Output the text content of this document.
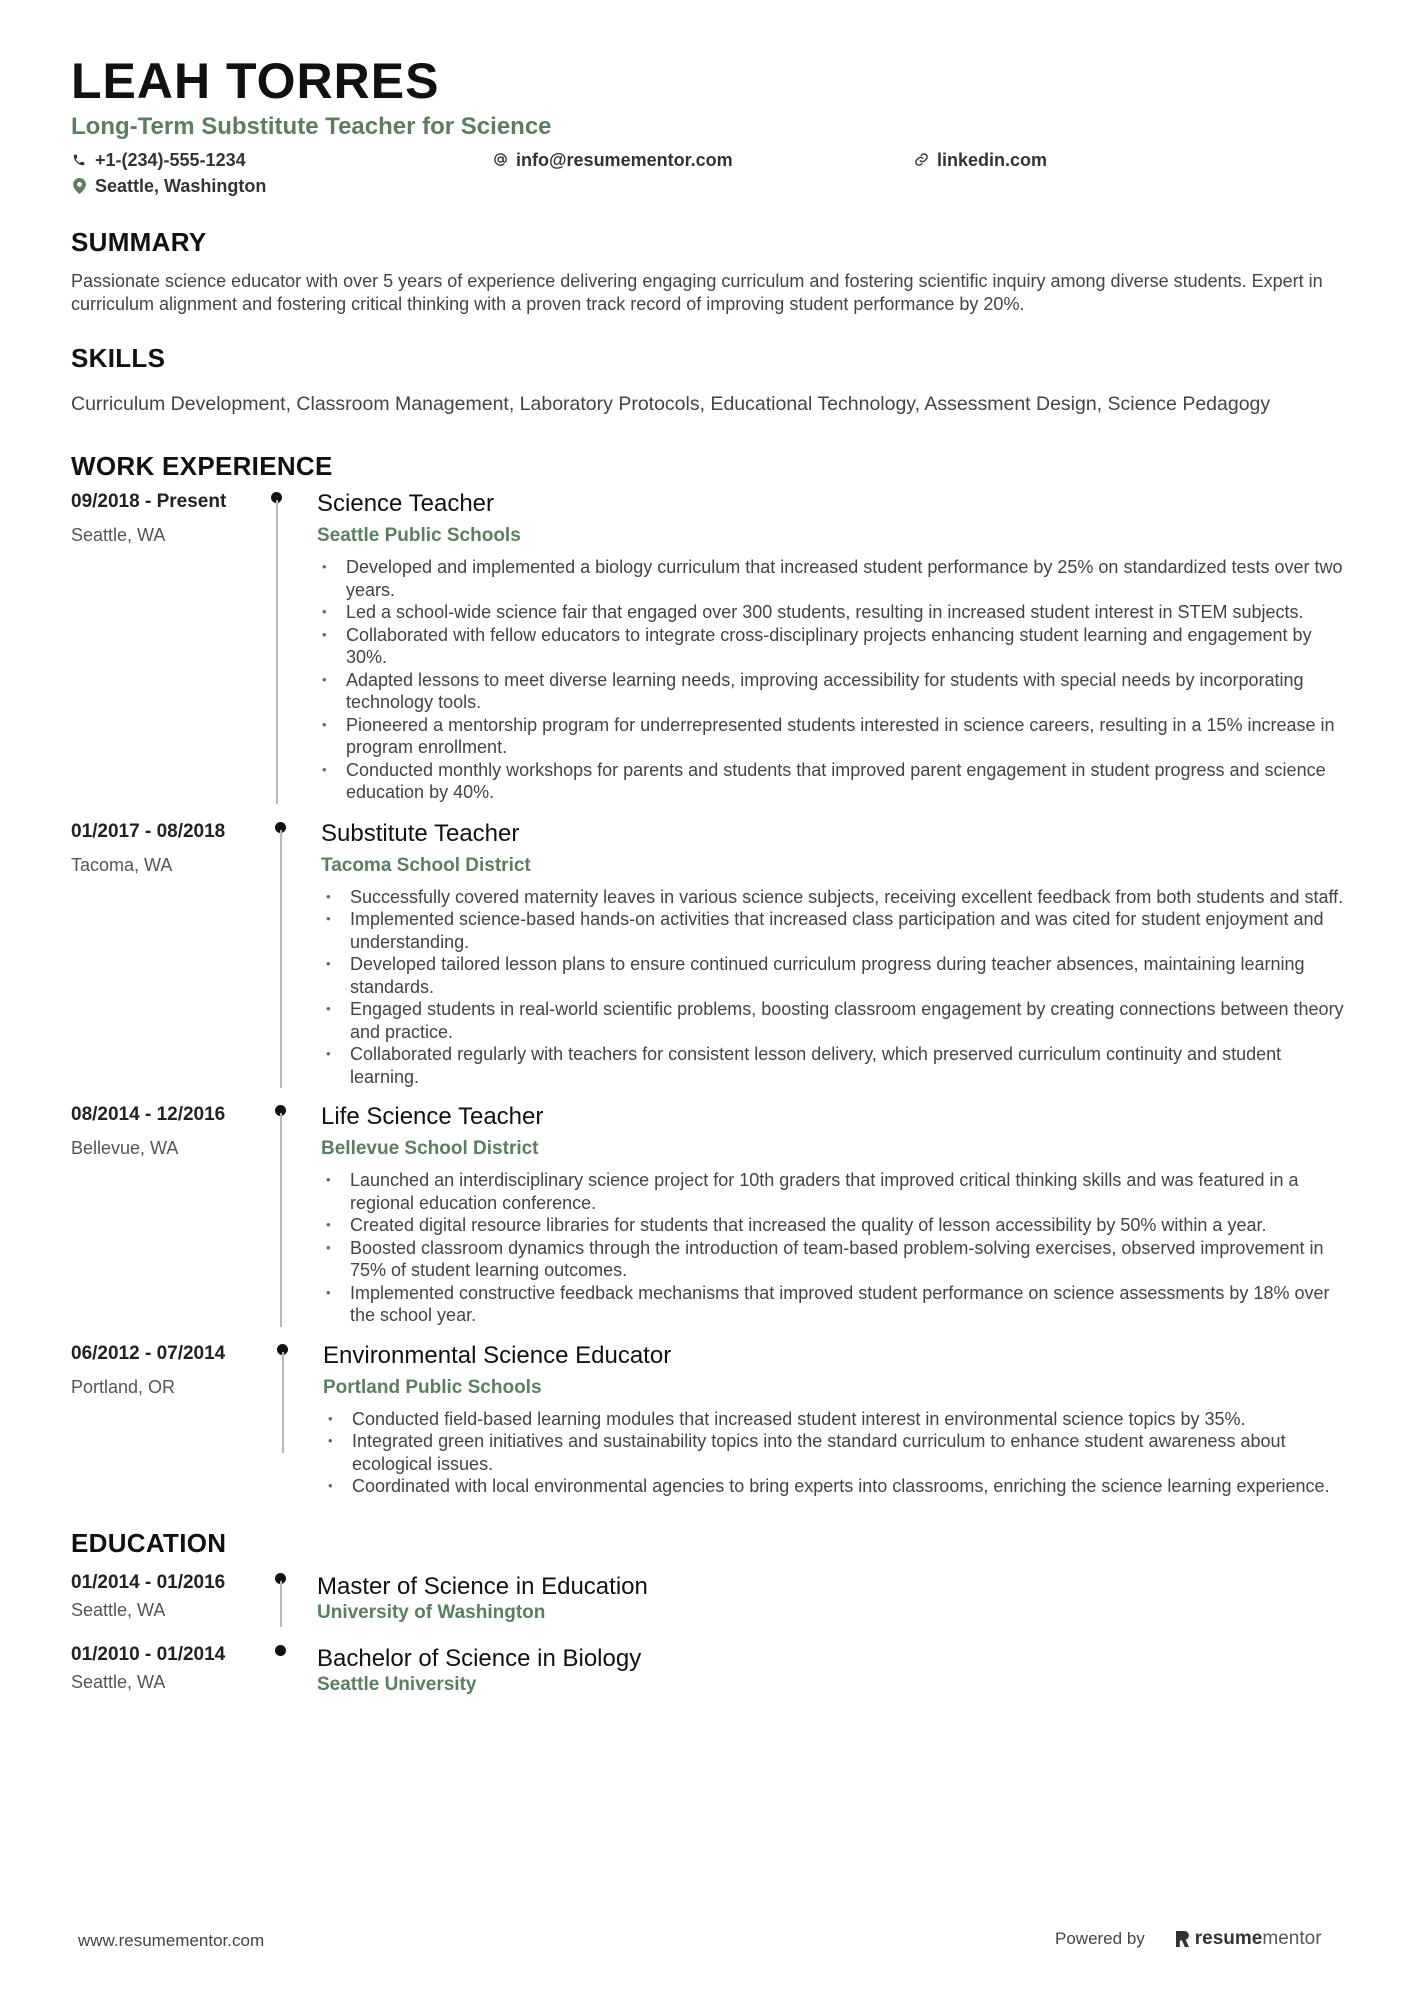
LEAH TORRES
Long-Term Substitute Teacher for Science
+1-(234)-555-1234	info@resumementor.com	linkedin.com
Seattle, Washington
SUMMARY
Passionate science educator with over 5 years of experience delivering engaging curriculum and fostering scientific inquiry among diverse students. Expert in curriculum alignment and fostering critical thinking with a proven track record of improving student performance by 20%.
SKILLS
Curriculum Development, Classroom Management, Laboratory Protocols, Educational Technology, Assessment Design, Science Pedagogy
WORK EXPERIENCE
09/2018 - Present
Seattle, WA
Science Teacher
Seattle Public Schools
• Developed and implemented a biology curriculum that increased student performance by 25% on standardized tests over two years.
• Led a school-wide science fair that engaged over 300 students, resulting in increased student interest in STEM subjects.
• Collaborated with fellow educators to integrate cross-disciplinary projects enhancing student learning and engagement by 30%.
• Adapted lessons to meet diverse learning needs, improving accessibility for students with special needs by incorporating technology tools.
• Pioneered a mentorship program for underrepresented students interested in science careers, resulting in a 15% increase in program enrollment.
• Conducted monthly workshops for parents and students that improved parent engagement in student progress and science education by 40%.
01/2017 - 08/2018
Tacoma, WA
Substitute Teacher
Tacoma School District
• Successfully covered maternity leaves in various science subjects, receiving excellent feedback from both students and staff.
• Implemented science-based hands-on activities that increased class participation and was cited for student enjoyment and understanding.
• Developed tailored lesson plans to ensure continued curriculum progress during teacher absences, maintaining learning standards.
• Engaged students in real-world scientific problems, boosting classroom engagement by creating connections between theory and practice.
• Collaborated regularly with teachers for consistent lesson delivery, which preserved curriculum continuity and student learning.
08/2014 - 12/2016
Bellevue, WA
Life Science Teacher
Bellevue School District
• Launched an interdisciplinary science project for 10th graders that improved critical thinking skills and was featured in a regional education conference.
• Created digital resource libraries for students that increased the quality of lesson accessibility by 50% within a year.
• Boosted classroom dynamics through the introduction of team-based problem-solving exercises, observed improvement in 75% of student learning outcomes.
• Implemented constructive feedback mechanisms that improved student performance on science assessments by 18% over the school year.
06/2012 - 07/2014
Portland, OR
Environmental Science Educator
Portland Public Schools
• Conducted field-based learning modules that increased student interest in environmental science topics by 35%.
• Integrated green initiatives and sustainability topics into the standard curriculum to enhance student awareness about ecological issues.
• Coordinated with local environmental agencies to bring experts into classrooms, enriching the science learning experience.
EDUCATION
01/2014 - 01/2016
Seattle, WA
Master of Science in Education
University of Washington
01/2010 - 01/2014
Seattle, WA
Bachelor of Science in Biology
Seattle University
www.resumementor.com	Powered by	resume mentor
